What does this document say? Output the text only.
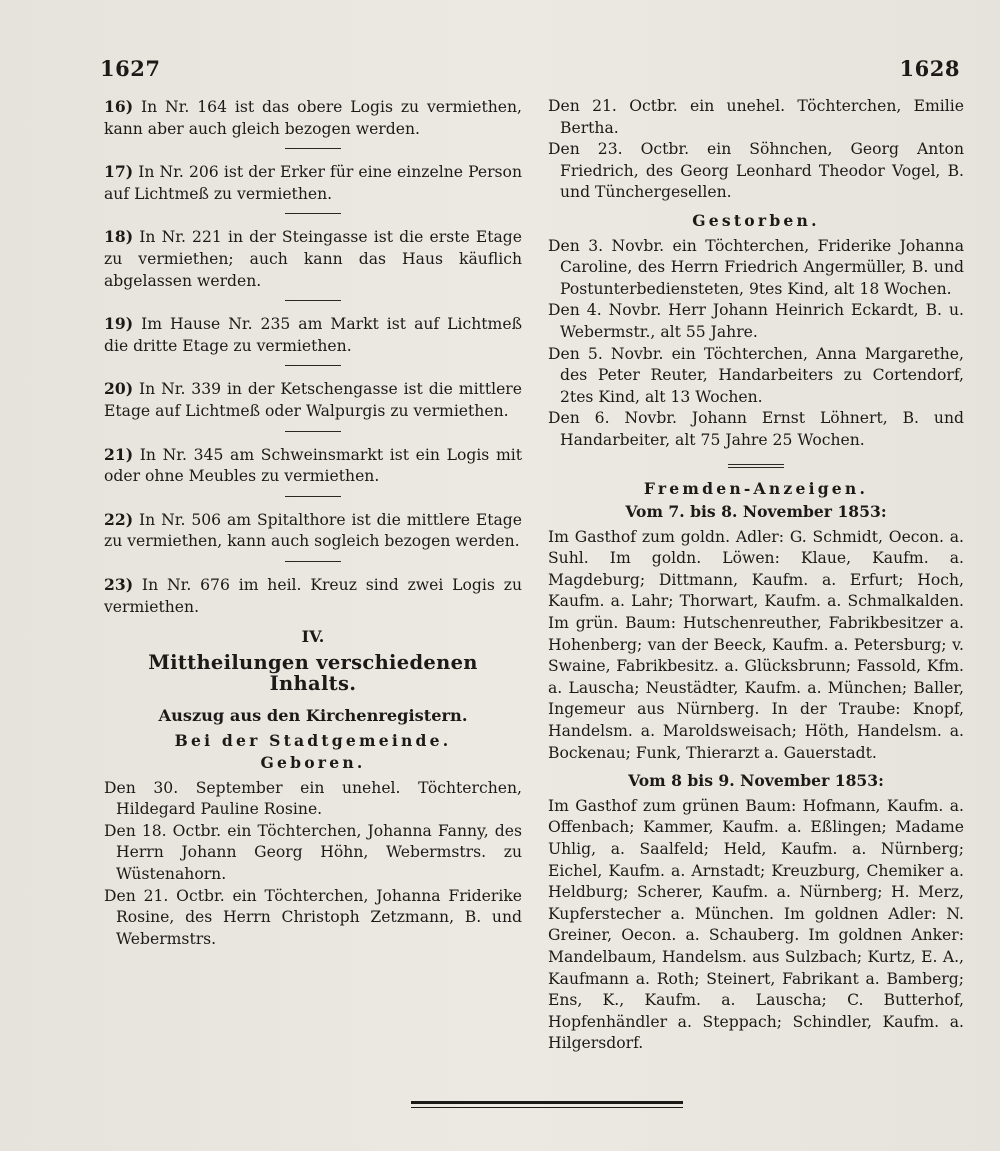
1627	1628

16) In Nr. 164 ist das obere Logis zu vermiethen, kann aber auch gleich bezogen werden.

17) In Nr. 206 ist der Erker für eine einzelne Person auf Lichtmeß zu vermiethen.

18) In Nr. 221 in der Steingasse ist die erste Etage zu vermiethen; auch kann das Haus käuflich abgelassen werden.

19) Im Hause Nr. 235 am Markt ist auf Lichtmeß die dritte Etage zu vermiethen.

20) In Nr. 339 in der Ketschengasse ist die mittlere Etage auf Lichtmeß oder Walpurgis zu vermiethen.

21) In Nr. 345 am Schweinsmarkt ist ein Logis mit oder ohne Meubles zu vermiethen.

22) In Nr. 506 am Spitalthore ist die mittlere Etage zu vermiethen, kann auch sogleich bezogen werden.

23) In Nr. 676 im heil. Kreuz sind zwei Logis zu vermiethen.

IV.
Mittheilungen verschiedenen Inhalts.
Auszug aus den Kirchenregistern.
Bei der Stadtgemeinde.
Geboren.

Den 30. September ein unehel. Töchterchen, Hildegard Pauline Rosine.

Den 18. Octbr. ein Töchterchen, Johanna Fanny, des Herrn Johann Georg Höhn, Webermstrs. zu Wüstenahorn.

Den 21. Octbr. ein Töchterchen, Johanna Friderike Rosine, des Herrn Christoph Zetzmann, B. und Webermstrs.

Den 21. Octbr. ein unehel. Töchterchen, Emilie Bertha.

Den 23. Octbr. ein Söhnchen, Georg Anton Friedrich, des Georg Leonhard Theodor Vogel, B. und Tünchergesellen.

Gestorben.

Den 3. Novbr. ein Töchterchen, Friderike Johanna Caroline, des Herrn Friedrich Angermüller, B. und Postunterbediensteten, 9tes Kind, alt 18 Wochen.

Den 4. Novbr. Herr Johann Heinrich Eckardt, B. u. Webermstr., alt 55 Jahre.

Den 5. Novbr. ein Töchterchen, Anna Margarethe, des Peter Reuter, Handarbeiters zu Cortendorf, 2tes Kind, alt 13 Wochen.

Den 6. Novbr. Johann Ernst Löhnert, B. und Handarbeiter, alt 75 Jahre 25 Wochen.

Fremden-Anzeigen.
Vom 7. bis 8. November 1853:

Im Gasthof zum goldn. Adler: G. Schmidt, Oecon. a. Suhl. Im goldn. Löwen: Klaue, Kaufm. a. Magdeburg; Dittmann, Kaufm. a. Erfurt; Hoch, Kaufm. a. Lahr; Thorwart, Kaufm. a. Schmalkalden. Im grün. Baum: Hutschenreuther, Fabrikbesitzer a. Hohenberg; van der Beeck, Kaufm. a. Petersburg; v. Swaine, Fabrikbesitz. a. Glücksbrunn; Fassold, Kfm. a. Lauscha; Neustädter, Kaufm. a. München; Baller, Ingemeur aus Nürnberg. In der Traube: Knopf, Handelsm. a. Maroldsweisach; Höth, Handelsm. a. Bockenau; Funk, Thierarzt a. Gauerstadt.

Vom 8 bis 9. November 1853:

Im Gasthof zum grünen Baum: Hofmann, Kaufm. a. Offenbach; Kammer, Kaufm. a. Eßlingen; Madame Uhlig, a. Saalfeld; Held, Kaufm. a. Nürnberg; Eichel, Kaufm. a. Arnstadt; Kreuzburg, Chemiker a. Heldburg; Scherer, Kaufm. a. Nürnberg; H. Merz, Kupferstecher a. München. Im goldnen Adler: N. Greiner, Oecon. a. Schauberg. Im goldnen Anker: Mandelbaum, Handelsm. aus Sulzbach; Kurtz, E. A., Kaufmann a. Roth; Steinert, Fabrikant a. Bamberg; Ens, K., Kaufm. a. Lauscha; C. Butterhof, Hopfenhändler a. Steppach; Schindler, Kaufm. a. Hilgersdorf.
